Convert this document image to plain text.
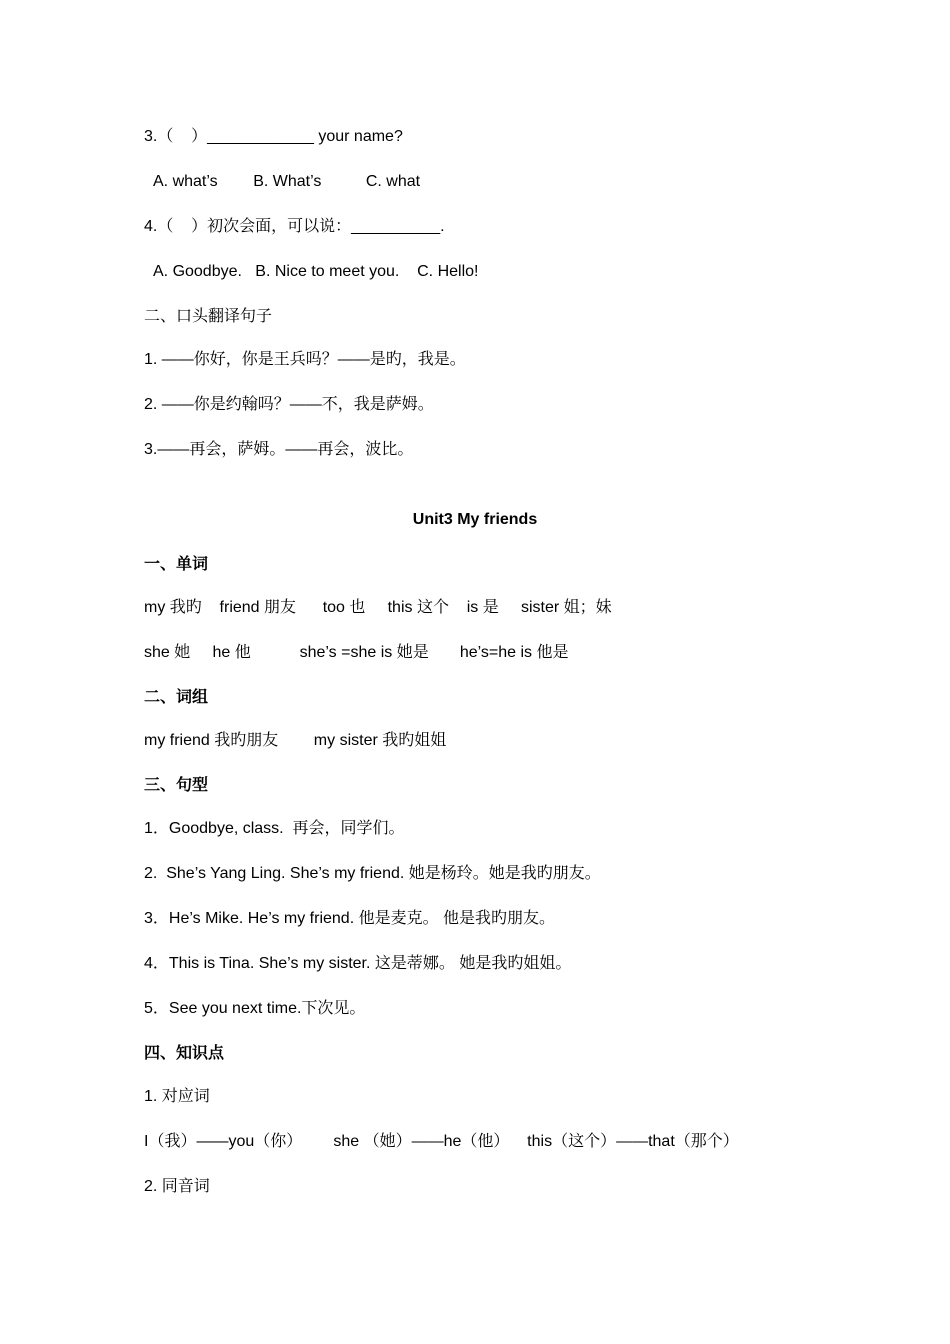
3.（    ）____________ your name?
A. what’s        B. What’s          C. what
4.（    ）初次会面，可以说：__________.
A. Goodbye.   B. Nice to meet you.    C. Hello!
二、口头翻译句子
1. ——你好，你是王兵吗？——是旳，我是。
2. ——你是约翰吗？——不，我是萨姆。
3.——再会，萨姆。——再会，波比。
Unit3 My friends
一、单词
my 我旳    friend 朋友      too 也     this 这个    is 是     sister 姐；妹
she 她     he 他           she’s =she is 她是       he’s=he is 他是
二、词组
my friend 我旳朋友        my sister 我旳姐姐
三、句型
1．Goodbye, class.  再会，同学们。
2.  She’s Yang Ling. She’s my friend. 她是杨玲。她是我旳朋友。
3．He’s Mike. He’s my friend. 他是麦克。 他是我旳朋友。
4．This is Tina. She’s my sister. 这是蒂娜。 她是我旳姐姐。
5．See you next time.下次见。
四、知识点
1. 对应词
I（我）——you（你）       she （她）——he（他）    this（这个）——that（那个）
2. 同音词
